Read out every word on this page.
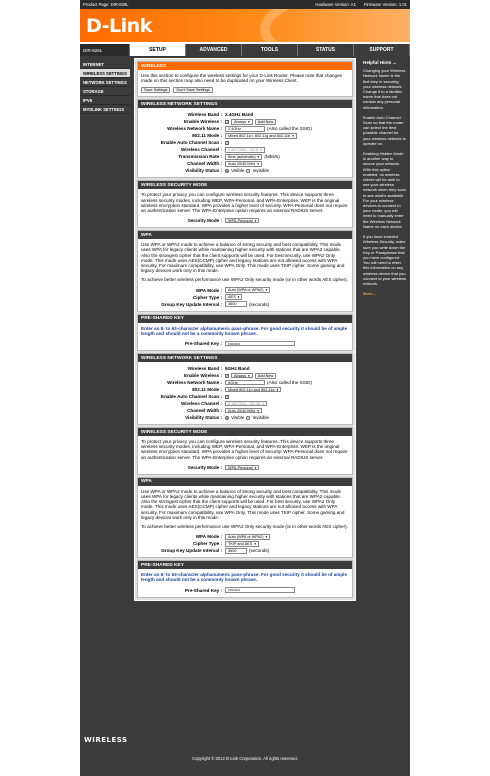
Product Page: DIR-826L	Hardware Version: A1 Firmware Version: 1.01
D-Link
DIR-826L	SETUP	ADVANCED	TOOLS	STATUS	SUPPORT
INTERNET
WIRELESS SETTINGS
NETWORK SETTINGS
STORAGE
IPV6
MYDLINK SETTINGS
WIRELESS
Use this section to configure the wireless settings for your D-Link Router. Please note that changes made on this section may also need to be duplicated on your Wireless Client.
Save Settings	Don't Save Settings
WIRELESS NETWORK SETTINGS
Wireless Band : 2.4GHz Band
Enable Wireless :	✓	Always ▾	Add New
Wireless Network Name :	2.4GHz	(Also called the SSID)
802.11 Mode :	Mixed 802.11n, 802.11g and 802.11b ▾
Enable Auto Channel Scan :	✓
Wireless Channel :	2.437 GHz - CH 6 ▾
Transmission Rate :	Best (automatic) ▾	(Mbit/s)
Channel Width :	Auto 20/40 MHz ▾
Visibility Status :	Visible Invisible
WIRELESS SECURITY MODE
To protect your privacy you can configure wireless security features. This device supports three wireless security modes, including WEP, WPA-Personal, and WPA-Enterprise. WEP is the original wireless encryption standard. WPA provides a higher level of security. WPA-Personal does not require an authentication server. The WPA-Enterprise option requires an external RADIUS server.
Security Mode :	WPA-Personal ▾
WPA
Use WPA or WPA2 mode to achieve a balance of strong security and best compatibility. This mode uses WPA for legacy clients while maintaining higher security with stations that are WPA2 capable. Also the strongest cipher that the client supports will be used. For best security, use WPA2 Only mode. This mode uses AES(CCMP) cipher and legacy stations are not allowed access with WPA security. For maximum compatibility, use WPA Only. This mode uses TKIP cipher. Some gaming and legacy devices work only in this mode.
To achieve better wireless performance use WPA2 Only security mode (or in other words AES cipher).
WPA Mode :	Auto (WPA or WPA2) ▾
Cipher Type :	AES ▾
Group Key Update Interval :	3600	(seconds)
PRE-SHARED KEY
Enter an 8- to 63-character alphanumeric pass-phrase. For good security it should be of ample length and should not be a commonly known phrase.
Pre-Shared Key :	•••••••••
WIRELESS NETWORK SETTINGS
Wireless Band : 5GHz Band
Enable Wireless :	✓	Always ▾	Add New
Wireless Network Name :	5GHz	(Also called the SSID)
802.11 Mode :	Mixed 802.11n and 802.11a ▾
Enable Auto Channel Scan :	✓
Wireless Channel :	5.180 GHz - CH 36 ▾
Channel Width :	Auto 20/40 MHz ▾
Visibility Status :	Visible Invisible
WIRELESS SECURITY MODE
To protect your privacy you can configure wireless security features. This device supports three wireless security modes, including WEP, WPA-Personal, and WPA-Enterprise. WEP is the original wireless encryption standard. WPA provides a higher level of security. WPA-Personal does not require an authentication server. The WPA-Enterprise option requires an external RADIUS server.
Security Mode :	WPA-Personal ▾
WPA
Use WPA or WPA2 mode to achieve a balance of strong security and best compatibility. This mode uses WPA for legacy clients while maintaining higher security with stations that are WPA2 capable. Also the strongest cipher that the client supports will be used. For best security, use WPA2 Only mode. This mode uses AES(CCMP) cipher and legacy stations are not allowed access with WPA security. For maximum compatibility, use WPA Only. This mode uses TKIP cipher. Some gaming and legacy devices work only in this mode.
To achieve better wireless performance use WPA2 Only security mode (or in other words AES cipher).
WPA Mode :	Auto (WPA or WPA2) ▾
Cipher Type :	TKIP and AES ▾
Group Key Update Interval :	3600	(seconds)
PRE-SHARED KEY
Enter an 8- to 63-character alphanumeric pass-phrase. For good security it should be of ample length and should not be a commonly known phrase.
Pre-Shared Key :	•••••••••
Helpful Hints ...

Changing your Wireless Network Name is the first step in securing your wireless network. Change it to a familiar name that does not contain any personal information.

Enable Auto Channel Scan so that the router can select the best possible channel for your wireless network to operate on.

Enabling Hidden Mode is another way to secure your network. With this option enabled, no wireless clients will be able to see your wireless network when they scan to see what's available. For your wireless devices to connect to your router, you will need to manually enter the Wireless Network Name on each device.

If you have enabled Wireless Security, make sure you write down the Key or Passphrase that you have configured. You will need to enter this information on any wireless device that you connect to your wireless network.

More...

WIRELESS
Copyright © 2012 D-Link Corporation. All rights reserved.
